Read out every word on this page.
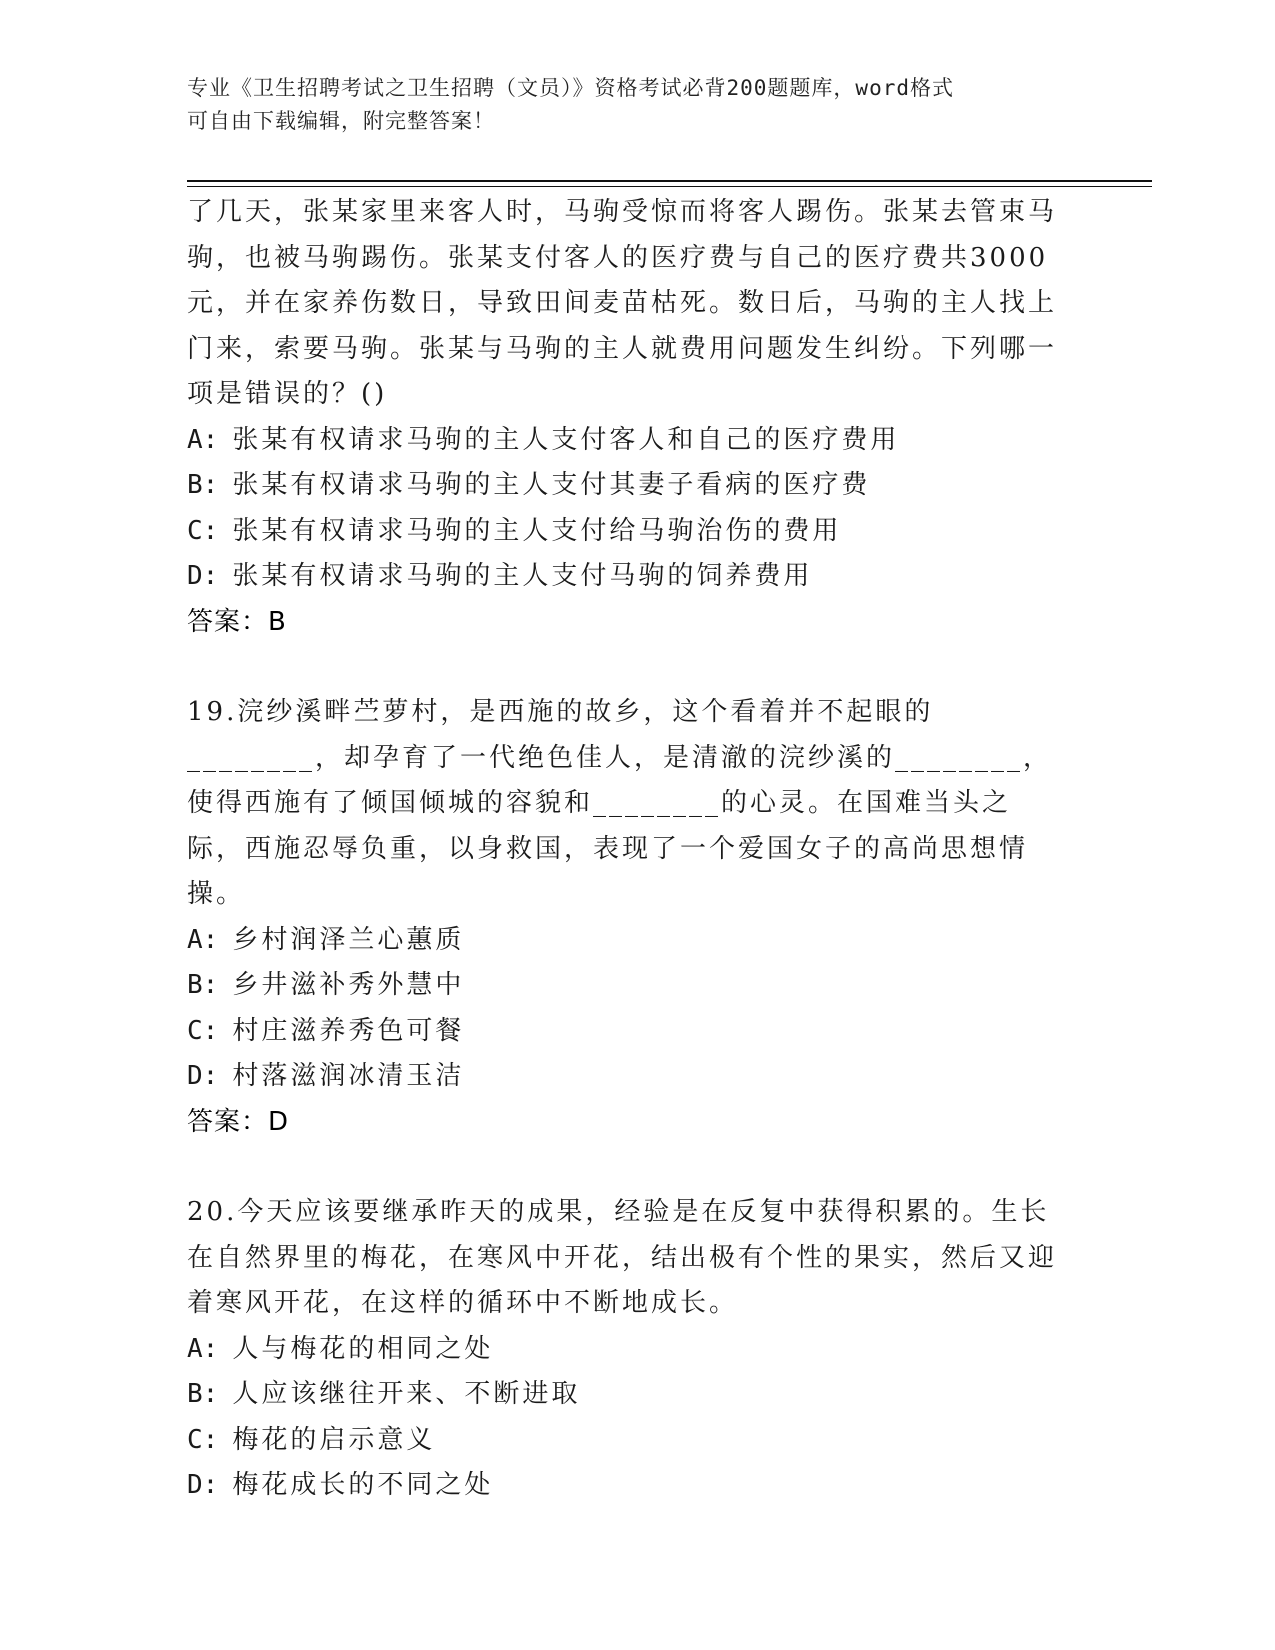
专业《卫生招聘考试之卫生招聘（文员）》资格考试必背200题题库，word格式
可自由下载编辑，附完整答案！

了几天，张某家里来客人时，马驹受惊而将客人踢伤。张某去管束马驹，也被马驹踢伤。张某支付客人的医疗费与自己的医疗费共3000元，并在家养伤数日，导致田间麦苗枯死。数日后，马驹的主人找上门来，索要马驹。张某与马驹的主人就费用问题发生纠纷。下列哪一项是错误的？()

A: 张某有权请求马驹的主人支付客人和自己的医疗费用

B: 张某有权请求马驹的主人支付其妻子看病的医疗费

C: 张某有权请求马驹的主人支付给马驹治伤的费用

D: 张某有权请求马驹的主人支付马驹的饲养费用

答案：B

19.浣纱溪畔苎萝村，是西施的故乡，这个看着并不起眼的________，却孕育了一代绝色佳人，是清澈的浣纱溪的________，使得西施有了倾国倾城的容貌和________的心灵。在国难当头之际，西施忍辱负重，以身救国，表现了一个爱国女子的高尚思想情操。

A: 乡村润泽兰心蕙质

B: 乡井滋补秀外慧中

C: 村庄滋养秀色可餐

D: 村落滋润冰清玉洁

答案：D

20.今天应该要继承昨天的成果，经验是在反复中获得积累的。生长在自然界里的梅花，在寒风中开花，结出极有个性的果实，然后又迎着寒风开花，在这样的循环中不断地成长。

A: 人与梅花的相同之处

B: 人应该继往开来、不断进取

C: 梅花的启示意义

D: 梅花成长的不同之处
